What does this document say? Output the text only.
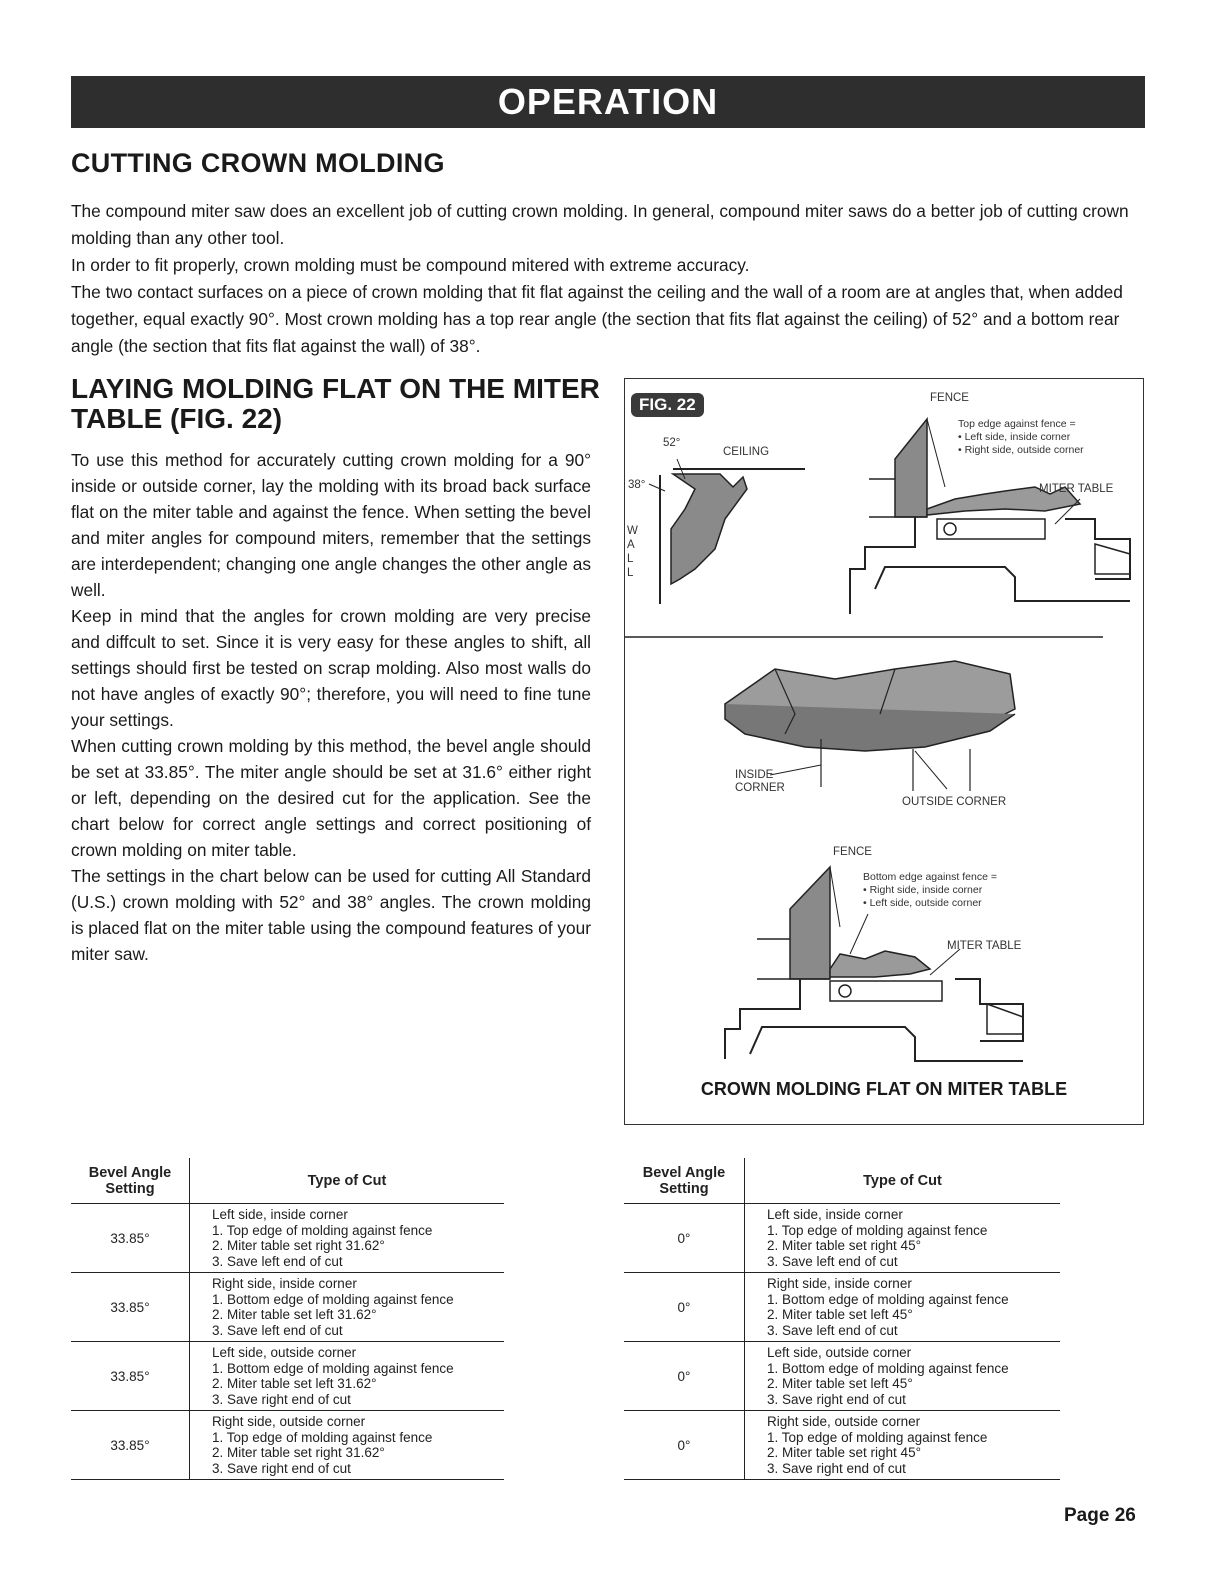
OPERATION
CUTTING CROWN MOLDING

The compound miter saw does an excellent job of cutting crown molding. In general, compound miter saws do a better job of cutting crown molding than any other tool.

In order to fit properly, crown molding must be compound mitered with extreme accuracy.

The two contact surfaces on a piece of crown molding that fit flat against the ceiling and the wall of a room are at angles that, when added together, equal exactly 90°. Most crown molding has a top rear angle (the section that fits flat against the ceiling) of 52° and a bottom rear angle (the section that fits flat against the wall) of 38°.

LAYING MOLDING FLAT ON THE MITER TABLE (FIG. 22)

To use this method for accurately cutting crown molding for a 90° inside or outside corner, lay the molding with its broad back surface flat on the miter table and against the fence. When setting the bevel and miter angles for compound miters, remember that the settings are interdependent; changing one angle changes the other angle as well.

Keep in mind that the angles for crown molding are very precise and diffcult to set. Since it is very easy for these angles to shift, all settings should first be tested on scrap molding. Also most walls do not have angles of exactly 90°; therefore, you will need to fine tune your settings.

When cutting crown molding by this method, the bevel angle should be set at 33.85°. The miter angle should be set at 31.6° either right or left, depending on the desired cut for the application. See the chart below for correct angle settings and correct positioning of crown molding on miter table.

The settings in the chart below can be used for cutting All Standard (U.S.) crown molding with 52° and 38° angles. The crown molding is placed flat on the miter table using the compound features of your miter saw.

FIG. 22
52°
CEILING
38°
W
A
L
L
FENCE
Top edge against fence =
• Left side, inside corner
• Right side, outside corner
MITER TABLE
INSIDE
CORNER
OUTSIDE CORNER
FENCE
Bottom edge against fence =
• Right side, inside corner
• Left side, outside corner
MITER TABLE
CROWN MOLDING FLAT ON MITER TABLE
Bevel Angle
Setting	Type of Cut
33.85°	Left side, inside corner
1. Top edge of molding against fence
2. Miter table set right 31.62°
3. Save left end of cut

33.85°	Right side, inside corner
1. Bottom edge of molding against fence
2. Miter table set left 31.62°
3. Save left end of cut

33.85°	Left side, outside corner
1. Bottom edge of molding against fence
2. Miter table set left 31.62°
3. Save right end of cut

33.85°	Right side, outside corner
1. Top edge of molding against fence
2. Miter table set right 31.62°
3. Save right end of cut
Bevel Angle
Setting	Type of Cut
0°	Left side, inside corner
1. Top edge of molding against fence
2. Miter table set right 45°
3. Save left end of cut

0°	Right side, inside corner
1. Bottom edge of molding against fence
2. Miter table set left 45°
3. Save left end of cut

0°	Left side, outside corner
1. Bottom edge of molding against fence
2. Miter table set left 45°
3. Save right end of cut

0°	Right side, outside corner
1. Top edge of molding against fence
2. Miter table set right 45°
3. Save right end of cut
Page 26
